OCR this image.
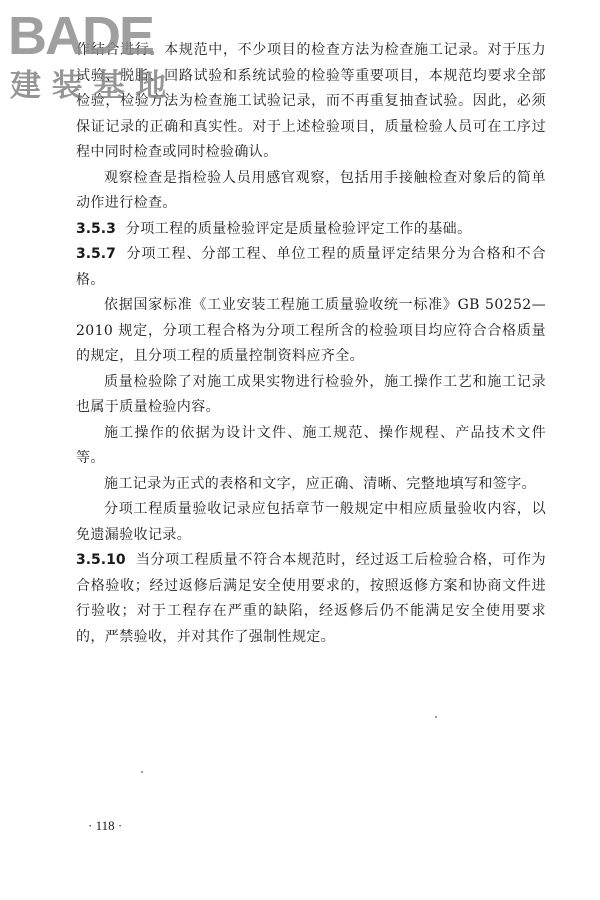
BADE
建 装 基 地

作结合进行。本规范中，不少项目的检查方法为检查施工记录。对于压力试验、脱脂、回路试验和系统试验的检验等重要项目，本规范均要求全部检验，检验方法为检查施工试验记录，而不再重复抽查试验。因此，必须保证记录的正确和真实性。对于上述检验项目，质量检验人员可在工序过程中同时检查或同时检验确认。

观察检查是指检验人员用感官观察，包括用手接触检查对象后的简单动作进行检查。

3.5.3 分项工程的质量检验评定是质量检验评定工作的基础。

3.5.7 分项工程、分部工程、单位工程的质量评定结果分为合格和不合格。

依据国家标准《工业安装工程施工质量验收统一标准》GB 50252—2010 规定，分项工程合格为分项工程所含的检验项目均应符合合格质量的规定，且分项工程的质量控制资料应齐全。

质量检验除了对施工成果实物进行检验外，施工操作工艺和施工记录也属于质量检验内容。

施工操作的依据为设计文件、施工规范、操作规程、产品技术文件等。

施工记录为正式的表格和文字，应正确、清晰、完整地填写和签字。

分项工程质量验收记录应包括章节一般规定中相应质量验收内容，以免遗漏验收记录。

3.5.10 当分项工程质量不符合本规范时，经过返工后检验合格，可作为合格验收；经过返修后满足安全使用要求的，按照返修方案和协商文件进行验收；对于工程存在严重的缺陷，经返修后仍不能满足安全使用要求的，严禁验收，并对其作了强制性规定。

· 118 ·
